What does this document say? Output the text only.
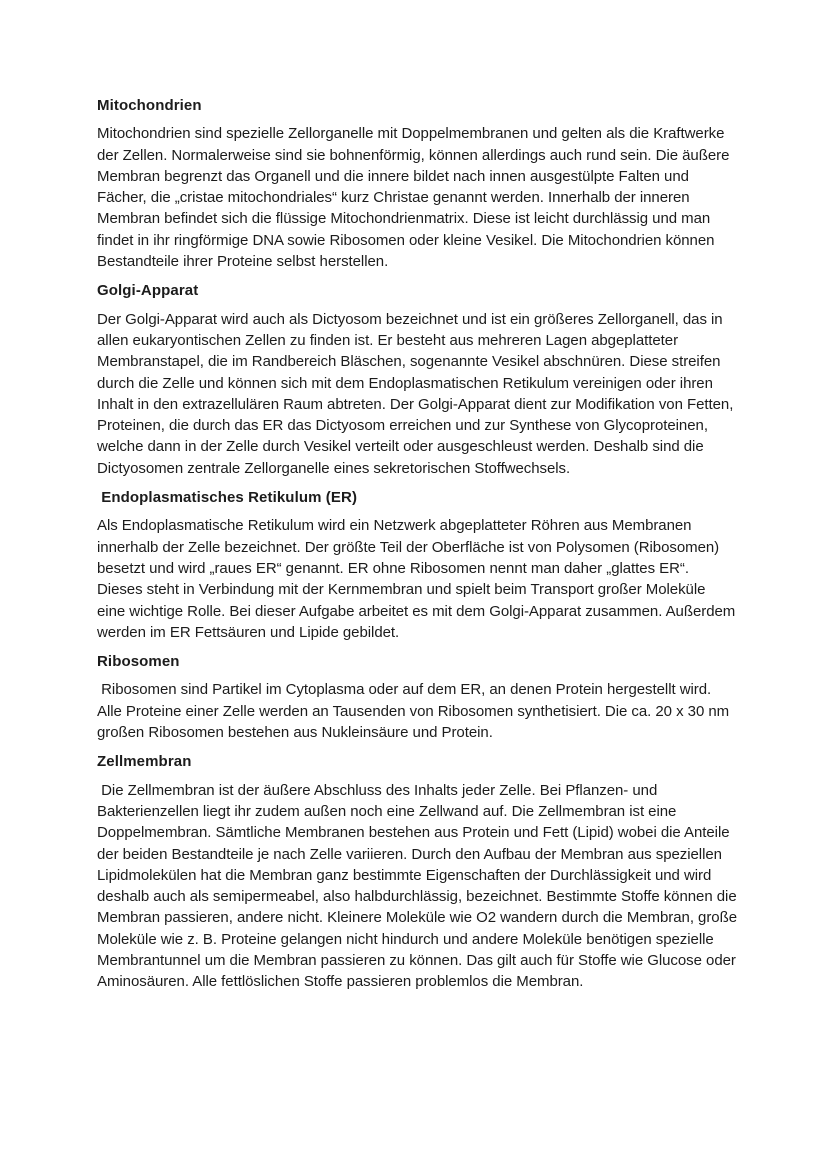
Mitochondrien

Mitochondrien sind spezielle Zellorganelle mit Doppelmembranen und gelten als die Kraftwerke der Zellen. Normalerweise sind sie bohnenförmig, können allerdings auch rund sein. Die äußere Membran begrenzt das Organell und die innere bildet nach innen ausgestülpte Falten und Fächer, die „cristae mitochondriales“ kurz Christae genannt werden. Innerhalb der inneren Membran befindet sich die flüssige Mitochondrienmatrix. Diese ist leicht durchlässig und man findet in ihr ringförmige DNA sowie Ribosomen oder kleine Vesikel. Die Mitochondrien können Bestandteile ihrer Proteine selbst herstellen.

Golgi-Apparat

Der Golgi-Apparat wird auch als Dictyosom bezeichnet und ist ein größeres Zellorganell, das in allen eukaryontischen Zellen zu finden ist. Er besteht aus mehreren Lagen abgeplatteter Membranstapel, die im Randbereich Bläschen, sogenannte Vesikel abschnüren. Diese streifen durch die Zelle und können sich mit dem Endoplasmatischen Retikulum vereinigen oder ihren Inhalt in den extrazellulären Raum abtreten. Der Golgi-Apparat dient zur Modifikation von Fetten, Proteinen, die durch das ER das Dictyosom erreichen und zur Synthese von Glycoproteinen, welche dann in der Zelle durch Vesikel verteilt oder ausgeschleust werden. Deshalb sind die Dictyosomen zentrale Zellorganelle eines sekretorischen Stoffwechsels.

Endoplasmatisches Retikulum (ER)

Als Endoplasmatische Retikulum wird ein Netzwerk abgeplatteter Röhren aus Membranen innerhalb der Zelle bezeichnet. Der größte Teil der Oberfläche ist von Polysomen (Ribosomen) besetzt und wird „raues ER“ genannt. ER ohne Ribosomen nennt man daher „glattes ER“. Dieses steht in Verbindung mit der Kernmembran und spielt beim Transport großer Moleküle eine wichtige Rolle. Bei dieser Aufgabe arbeitet es mit dem Golgi-Apparat zusammen. Außerdem werden im ER Fettsäuren und Lipide gebildet.

Ribosomen

Ribosomen sind Partikel im Cytoplasma oder auf dem ER, an denen Protein hergestellt wird. Alle Proteine einer Zelle werden an Tausenden von Ribosomen synthetisiert. Die ca. 20 x 30 nm großen Ribosomen bestehen aus Nukleinsäure und Protein.

Zellmembran

Die Zellmembran ist der äußere Abschluss des Inhalts jeder Zelle. Bei Pflanzen- und Bakterienzellen liegt ihr zudem außen noch eine Zellwand auf. Die Zellmembran ist eine Doppelmembran. Sämtliche Membranen bestehen aus Protein und Fett (Lipid) wobei die Anteile der beiden Bestandteile je nach Zelle variieren. Durch den Aufbau der Membran aus speziellen Lipidmolekülen hat die Membran ganz bestimmte Eigenschaften der Durchlässigkeit und wird deshalb auch als semipermeabel, also halbdurchlässig, bezeichnet. Bestimmte Stoffe können die Membran passieren, andere nicht. Kleinere Moleküle wie O2 wandern durch die Membran, große Moleküle wie z. B. Proteine gelangen nicht hindurch und andere Moleküle benötigen spezielle Membrantunnel um die Membran passieren zu können. Das gilt auch für Stoffe wie Glucose oder Aminosäuren. Alle fettlöslichen Stoffe passieren problemlos die Membran.
